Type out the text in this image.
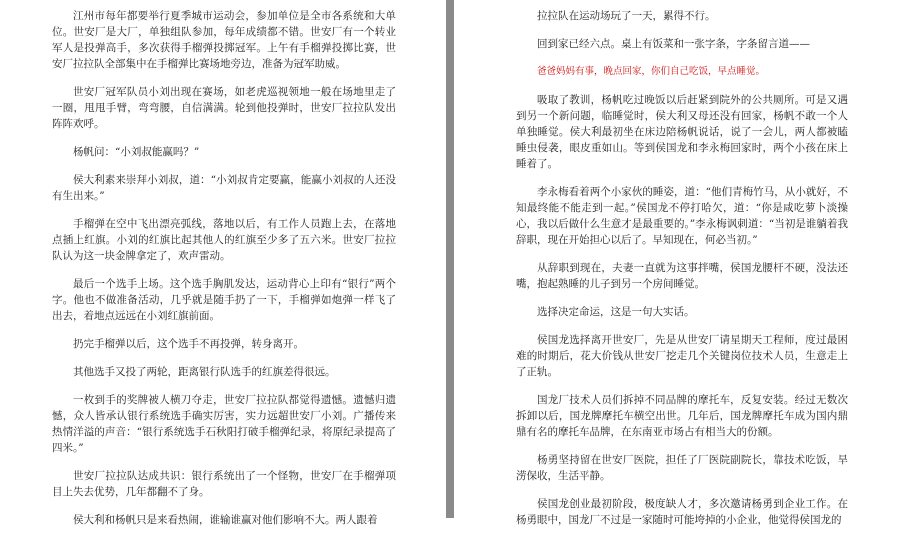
江州市每年都要举行夏季城市运动会，参加单位是全市各系统和大单位。世安厂是大厂，单独组队参加，每年成绩都不错。世安厂有一个转业军人是投弹高手，多次获得手榴弹投掷冠军。上午有手榴弹投掷比赛，世安厂拉拉队全部集中在手榴弹比赛场地旁边，准备为冠军助威。

世安厂冠军队员小刘出现在赛场，如老虎巡视领地一般在场地里走了一圈，甩甩手臂，弯弯腰，自信满满。轮到他投弹时，世安厂拉拉队发出阵阵欢呼。

杨帆问：“小刘叔能赢吗？”

侯大利素来崇拜小刘叔，道：“小刘叔肯定要赢，能赢小刘叔的人还没有生出来。”

手榴弹在空中飞出漂亮弧线，落地以后，有工作人员跑上去，在落地点插上红旗。小刘的红旗比起其他人的红旗至少多了五六米。世安厂拉拉队认为这一块金牌拿定了，欢声雷动。

最后一个选手上场。这个选手胸肌发达，运动背心上印有“银行”两个字。他也不做准备活动，几乎就是随手扔了一下，手榴弹如炮弹一样飞了出去，着地点远远在小刘红旗前面。

扔完手榴弹以后，这个选手不再投弹，转身离开。

其他选手又投了两轮，距离银行队选手的红旗差得很远。

一枚到手的奖牌被人横刀夺走，世安厂拉拉队都觉得遗憾。遗憾归遗憾，众人皆承认银行系统选手确实厉害，实力远超世安厂小刘。广播传来热情洋溢的声音：“银行系统选手石秋阳打破手榴弹纪录，将原纪录提高了四米。”

世安厂拉拉队达成共识：银行系统出了一个怪物，世安厂在手榴弹项目上失去优势，几年都翻不了身。

侯大利和杨帆只是来看热闹，谁输谁赢对他们影响不大。两人跟着

拉拉队在运动场玩了一天，累得不行。

回到家已经六点。桌上有饭菜和一张字条，字条留言道——

爸爸妈妈有事，晚点回家，你们自己吃饭，早点睡觉。

吸取了教训，杨帆吃过晚饭以后赶紧到院外的公共厕所。可是又遇到另一个新问题，临睡觉时，侯大利又母还没有回家，杨帆不敢一个人单独睡觉。侯大利最初坐在床边陪杨帆说话，说了一会儿，两人都被瞌睡虫侵袭，眼皮重如山。等到侯国龙和李永梅回家时，两个小孩在床上睡着了。

李永梅看着两个小家伙的睡姿，道：“他们青梅竹马，从小就好，不知最终能不能走到一起。”侯国龙不停打哈欠，道：“你是咸吃萝卜淡操心，我以后做什么生意才是最重要的。”李永梅讽刺道：“当初是谁躺着我辞职，现在开始担心以后了。早知现在，何必当初。”

从辞职到现在，夫妻一直就为这事拌嘴，侯国龙腰杆不硬，没法还嘴，抱起熟睡的儿子到另一个房间睡觉。

选择决定命运，这是一句大实话。

侯国龙选择离开世安厂，先是从世安厂请星期天工程师，度过最困难的时期后，花大价钱从世安厂挖走几个关键岗位技术人员，生意走上了正轨。

国龙厂技术人员们拆掉不同品牌的摩托车，反复安装。经过无数次拆卸以后，国龙牌摩托车横空出世。几年后，国龙牌摩托车成为国内鼎鼎有名的摩托车品牌，在东南亚市场占有相当大的份额。

杨勇坚持留在世安厂医院，担任了厂医院副院长，靠技术吃饭，旱涝保收，生活平静。

侯国龙创业最初阶段，极度缺人才，多次邀请杨勇到企业工作。在杨勇眼中，国龙厂不过是一家随时可能垮掉的小企业，他觉得侯国龙的
